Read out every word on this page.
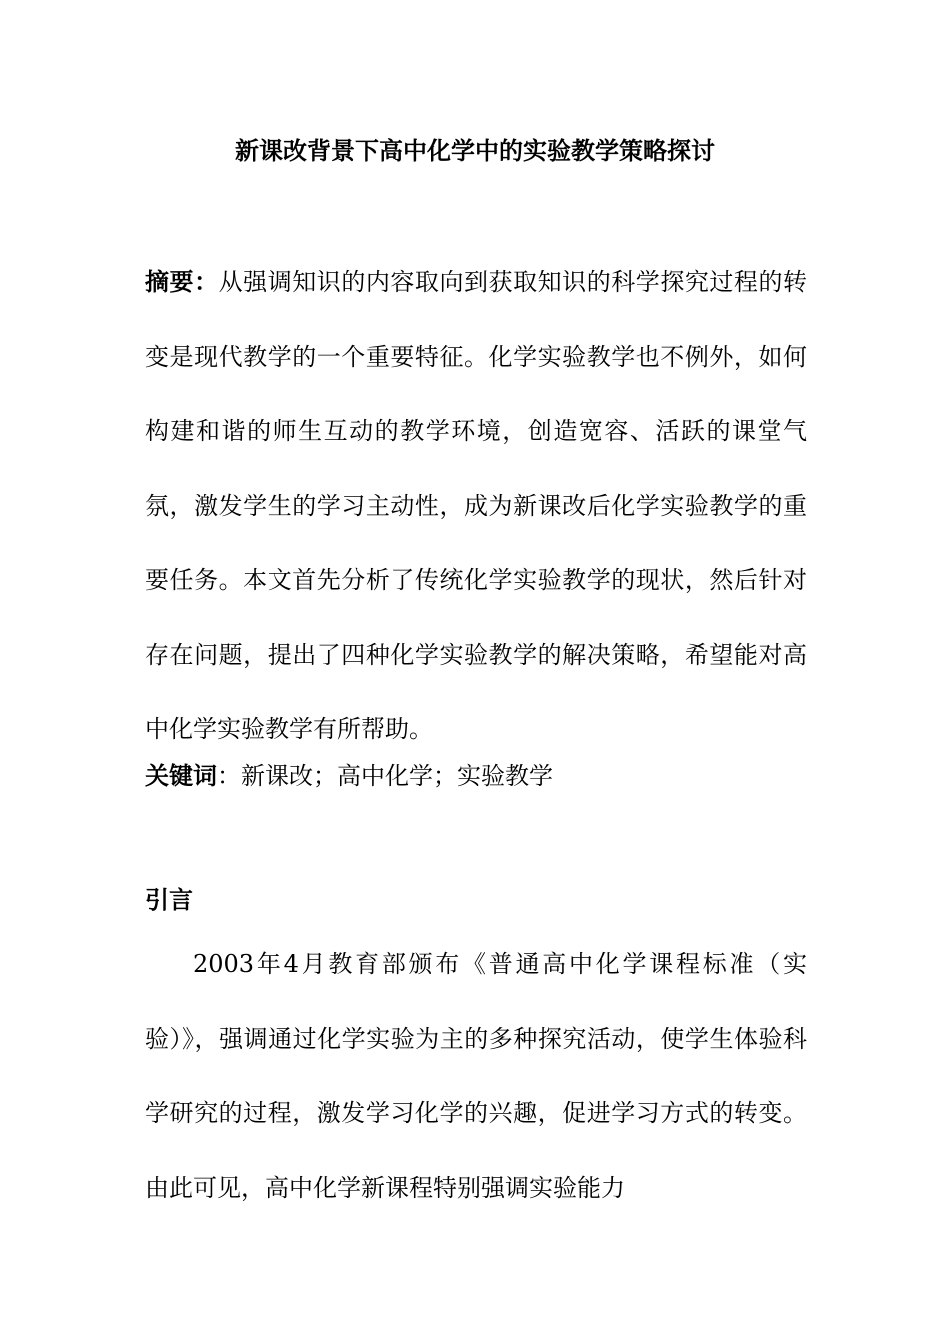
新课改背景下高中化学中的实验教学策略探讨
摘要：从强调知识的内容取向到获取知识的科学探究过程的转变是现代教学的一个重要特征。化学实验教学也不例外，如何构建和谐的师生互动的教学环境，创造宽容、活跃的课堂气氛，激发学生的学习主动性，成为新课改后化学实验教学的重要任务。本文首先分析了传统化学实验教学的现状，然后针对存在问题，提出了四种化学实验教学的解决策略，希望能对高中化学实验教学有所帮助。
关键词：新课改；高中化学；实验教学
引言
2003年4月教育部颁布《普通高中化学课程标准（实验）》，强调通过化学实验为主的多种探究活动，使学生体验科学研究的过程，激发学习化学的兴趣，促进学习方式的转变。由此可见，高中化学新课程特别强调实验能力
